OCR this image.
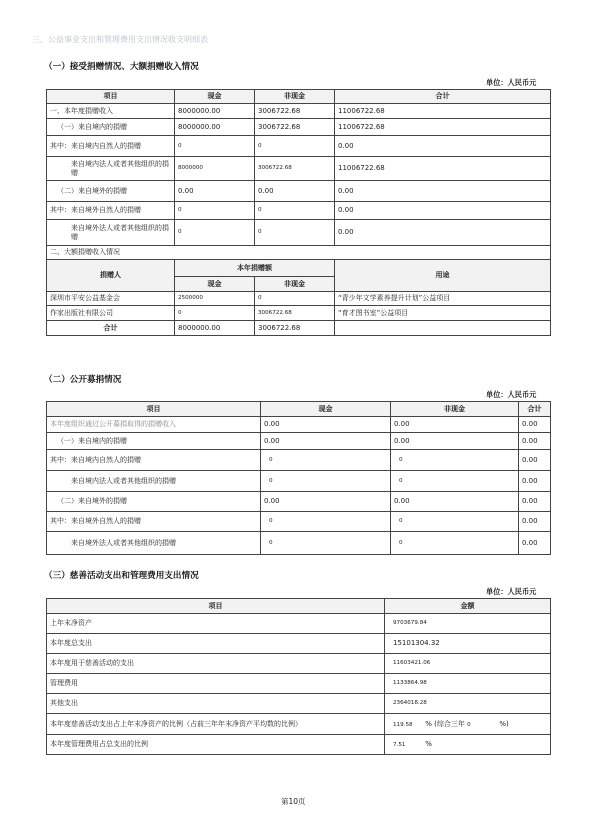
三、公益事业支出和管理费用支出情况收支明细表
（一）接受捐赠情况、大额捐赠收入情况
单位：人民币元
项目	现金	非现金	合计
一、本年度捐赠收入	8000000.00	3006722.68	11006722.68
（一）来自境内的捐赠	8000000.00	3006722.68	11006722.68
其中：来自境内自然人的捐赠	0	0	0.00
来自境内法人或者其他组织的捐赠	8000000	3006722.68	11006722.68
（二）来自境外的捐赠	0.00	0.00	0.00
其中：来自境外自然人的捐赠	0	0	0.00
来自境外法人或者其他组织的捐赠	0	0	0.00
二、大额捐赠收入情况			
捐赠人	本年捐赠额		用途
	现金	非现金	
深圳市平安公益基金会	2500000	0	“青少年文学素养提升计划”公益项目
作家出版社有限公司	0	3006722.68	“育才图书室”公益项目
合计	8000000.00	3006722.68	
（二）公开募捐情况
单位：人民币元
项目	现金	非现金	合计
本年度组织通过公开募捐取得的捐赠收入	0.00	0.00	0.00
（一）来自境内的捐赠	0.00	0.00	0.00
其中：来自境内自然人的捐赠	0	0	0.00
来自境内法人或者其他组织的捐赠	0	0	0.00
（二）来自境外的捐赠	0.00	0.00	0.00
其中：来自境外自然人的捐赠	0	0	0.00
来自境外法人或者其他组织的捐赠	0	0	0.00
（三）慈善活动支出和管理费用支出情况
单位：人民币元
项目	金额
上年末净资产	9703679.84
本年度总支出	15101304.32
本年度用于慈善活动的支出	11603421.06
管理费用	1133864.98
其他支出	2364018.28
本年度慈善活动支出占上年末净资产的比例（占前三年年末净资产平均数的比例）	119.58 % (综合三年 0 %)
本年度管理费用占总支出的比例	7.51 %
第10页
